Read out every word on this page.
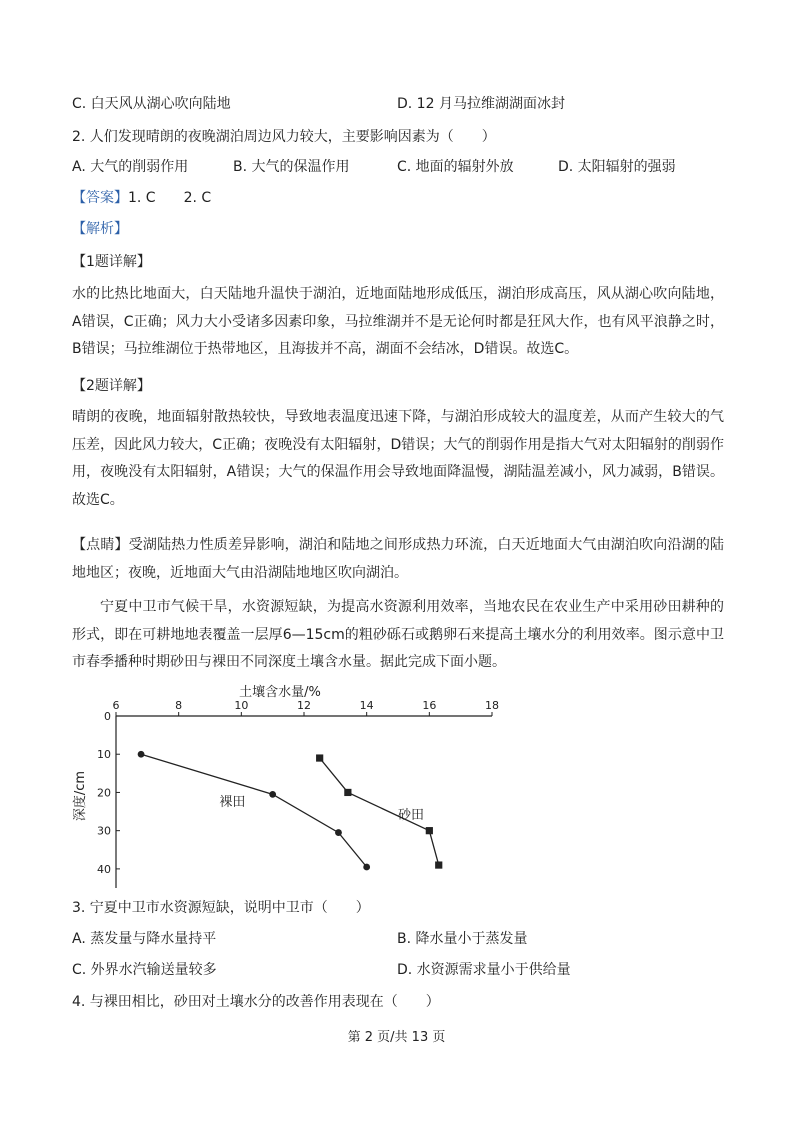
C. 白天风从湖心吹向陆地	D. 12 月马拉维湖湖面冰封
2. 人们发现晴朗的夜晚湖泊周边风力较大，主要影响因素为（　　）
A. 大气的削弱作用	B. 大气的保温作用	C. 地面的辐射外放	D. 太阳辐射的强弱
【答案】1. C　　2. C
【解析】
【1题详解】
水的比热比地面大，白天陆地升温快于湖泊，近地面陆地形成低压，湖泊形成高压，风从湖心吹向陆地，A错误，C正确；风力大小受诸多因素印象，马拉维湖并不是无论何时都是狂风大作，也有风平浪静之时，B错误；马拉维湖位于热带地区，且海拔并不高，湖面不会结冰，D错误。故选C。
【2题详解】
晴朗的夜晚，地面辐射散热较快，导致地表温度迅速下降，与湖泊形成较大的温度差，从而产生较大的气压差，因此风力较大，C正确；夜晚没有太阳辐射，D错误；大气的削弱作用是指大气对太阳辐射的削弱作用，夜晚没有太阳辐射，A错误；大气的保温作用会导致地面降温慢，湖陆温差减小，风力减弱，B错误。故选C。
【点睛】受湖陆热力性质差异影响，湖泊和陆地之间形成热力环流，白天近地面大气由湖泊吹向沿湖的陆地地区；夜晚，近地面大气由沿湖陆地地区吹向湖泊。
宁夏中卫市气候干旱，水资源短缺，为提高水资源利用效率，当地农民在农业生产中采用砂田耕种的形式，即在可耕地地表覆盖一层厚6—15cm的粗砂砾石或鹅卵石来提高土壤水分的利用效率。图示意中卫市春季播种时期砂田与裸田不同深度土壤含水量。据此完成下面小题。
土壤含水量/%
6	8	10	12	14	16	18
0
10
20
30
40
深度/cm	裸田
砂田
3. 宁夏中卫市水资源短缺，说明中卫市（　　）
A. 蒸发量与降水量持平	B. 降水量小于蒸发量
C. 外界水汽输送量较多	D. 水资源需求量小于供给量
4. 与裸田相比，砂田对土壤水分的改善作用表现在（　　）
第 2 页/共 13 页
